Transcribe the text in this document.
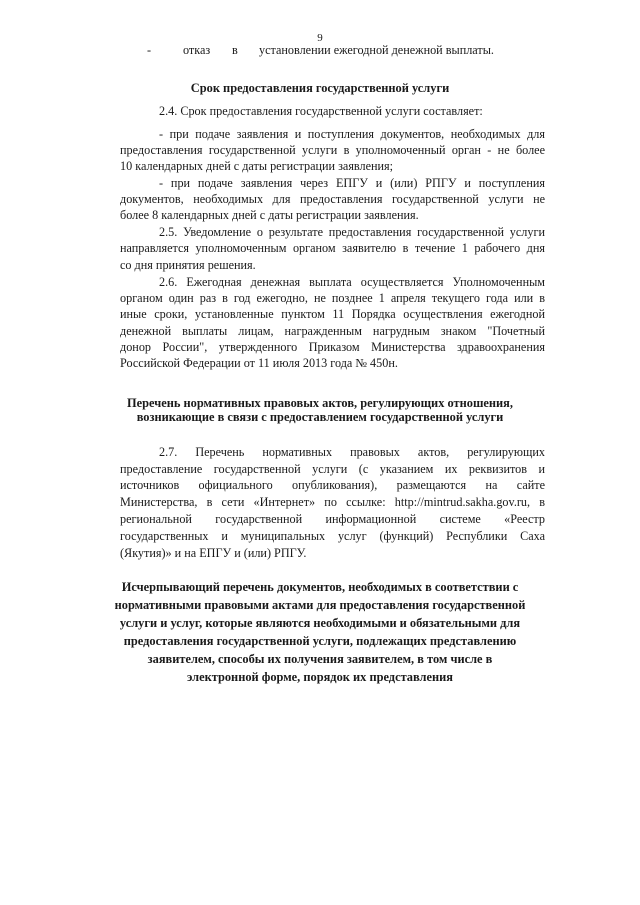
9
-	отказ в установлении ежегодной денежной выплаты.
Срок предоставления государственной услуги
2.4. Срок предоставления государственной услуги составляет:
- при подаче заявления и поступления документов, необходимых для
предоставления государственной услуги в уполномоченный орган - не более
10 календарных дней с даты регистрации заявления;
- при подаче заявления через ЕПГУ и (или) РПГУ и поступления
документов, необходимых для предоставления государственной услуги не
более 8 календарных дней с даты регистрации заявления.
2.5. Уведомление о результате предоставления государственной услуги
направляется уполномоченным органом заявителю в течение 1 рабочего дня
со дня принятия решения.
2.6. Ежегодная денежная выплата осуществляется Уполномоченным
органом один раз в год ежегодно, не позднее 1 апреля текущего года или в
иные сроки, установленные пунктом 11 Порядка осуществления ежегодной
денежной выплаты лицам, награжденным нагрудным знаком "Почетный
донор России", утвержденного Приказом Министерства здравоохранения
Российской Федерации от 11 июля 2013 года № 450н.
Перечень нормативных правовых актов, регулирующих отношения,
возникающие в связи с предоставлением государственной услуги
2.7. Перечень нормативных правовых актов, регулирующих
предоставление государственной услуги (с указанием их реквизитов и
источников официального опубликования), размещаются на сайте
Министерства, в сети «Интернет» по ссылке: http://mintrud.sakha.gov.ru, в
региональной государственной информационной системе «Реестр
государственных и муниципальных услуг (функций) Республики Саха
(Якутия)» и на ЕПГУ и (или) РПГУ.
Исчерпывающий перечень документов, необходимых в соответствии с
нормативными правовыми актами для предоставления государственной
услуги и услуг, которые являются необходимыми и обязательными для
предоставления государственной услуги, подлежащих представлению
заявителем, способы их получения заявителем, в том числе в
электронной форме, порядок их представления
